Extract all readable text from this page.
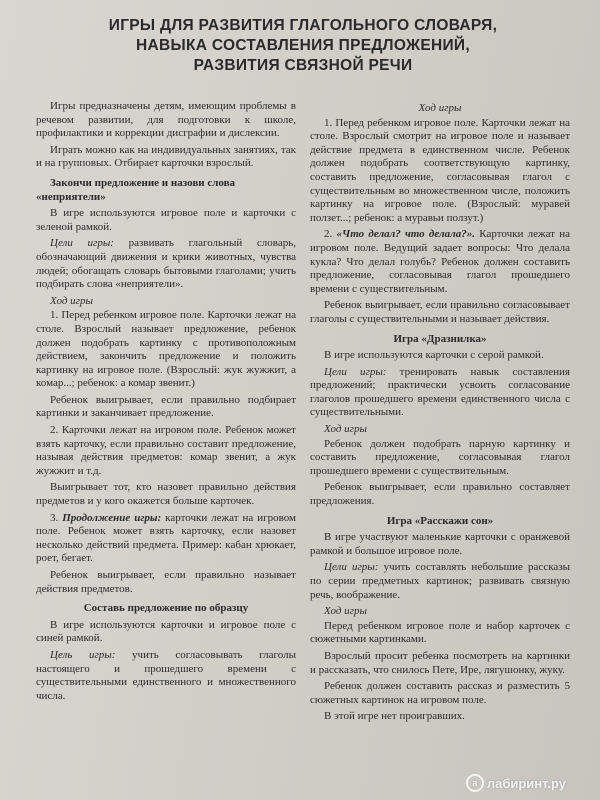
ИГРЫ ДЛЯ РАЗВИТИЯ ГЛАГОЛЬНОГО СЛОВАРЯ,
НАВЫКА СОСТАВЛЕНИЯ ПРЕДЛОЖЕНИЙ,
РАЗВИТИЯ СВЯЗНОЙ РЕЧИ

Игры предназначены детям, имеющим проблемы в речевом развитии, для подготовки к школе, профилактики и коррекции дисграфии и дислексии.

Играть можно как на индивидуальных занятиях, так и на групповых. Отбирает карточки взрослый.

Закончи предложение и назови слова «неприятели»

В игре используются игровое поле и карточки с зеленой рамкой.

Цели игры: развивать глагольный словарь, обозначающий движения и крики животных, чувства людей; обогащать словарь бытовыми глаголами; учить подбирать слова «неприятели».

Ход игры

1. Перед ребенком игровое поле. Карточки лежат на столе. Взрослый называет предложение, ребенок должен подобрать картинку с противоположным действием, закончить предложение и положить картинку на игровое поле. (Взрослый: жук жужжит, а комар...; ребенок: а комар звенит.)

Ребенок выигрывает, если правильно подбирает картинки и заканчивает предложение.

2. Карточки лежат на игровом поле. Ребенок может взять карточку, если правильно составит предложение, называя действия предметов: комар звенит, а жук жужжит и т.д.

Выигрывает тот, кто назовет правильно действия предметов и у кого окажется больше карточек.

3. Продолжение игры: карточки лежат на игровом поле. Ребенок может взять карточку, если назовет несколько действий предмета. Пример: кабан хрюкает, роет, бегает.

Ребенок выигрывает, если правильно называет действия предметов.

Составь предложение по образцу

В игре используются карточки и игровое поле с синей рамкой.

Цель игры: учить согласовывать глаголы настоящего и прошедшего времени с существительными единственного и множественного числа.

Ход игры

1. Перед ребенком игровое поле. Карточки лежат на столе. Взрослый смотрит на игровое поле и называет действие предмета в единственном числе. Ребенок должен подобрать соответствующую картинку, составить предложение, согласовывая глагол с существительным во множественном числе, положить картинку на игровое поле. (Взрослый: муравей ползет...; ребенок: а муравьи ползут.)

2. «Что делал? что делала?». Карточки лежат на игровом поле. Ведущий задает вопросы: Что делала кукла? Что делал голубь? Ребенок должен составить предложение, согласовывая глагол прошедшего времени с существительным.

Ребенок выигрывает, если правильно согласовывает глаголы с существительными и называет действия.

Игра «Дразнилка»

В игре используются карточки с серой рамкой.

Цели игры: тренировать навык составления предложений; практически усвоить согласование глаголов прошедшего времени единственного числа с существительными.

Ход игры

Ребенок должен подобрать парную картинку и составить предложение, согласовывая глагол прошедшего времени с существительным.

Ребенок выигрывает, если правильно составляет предложения.

Игра «Расскажи сон»

В игре участвуют маленькие карточки с оранжевой рамкой и большое игровое поле.

Цели игры: учить составлять небольшие рассказы по серии предметных картинок; развивать связную речь, воображение.

Ход игры

Перед ребенком игровое поле и набор карточек с сюжетными картинками.

Взрослый просит ребенка посмотреть на картинки и рассказать, что снилось Пете, Ире, лягушонку, жуку.

Ребенок должен составить рассказ и разместить 5 сюжетных картинок на игровом поле.

В этой игре нет проигравших.

а лабиринт.ру
